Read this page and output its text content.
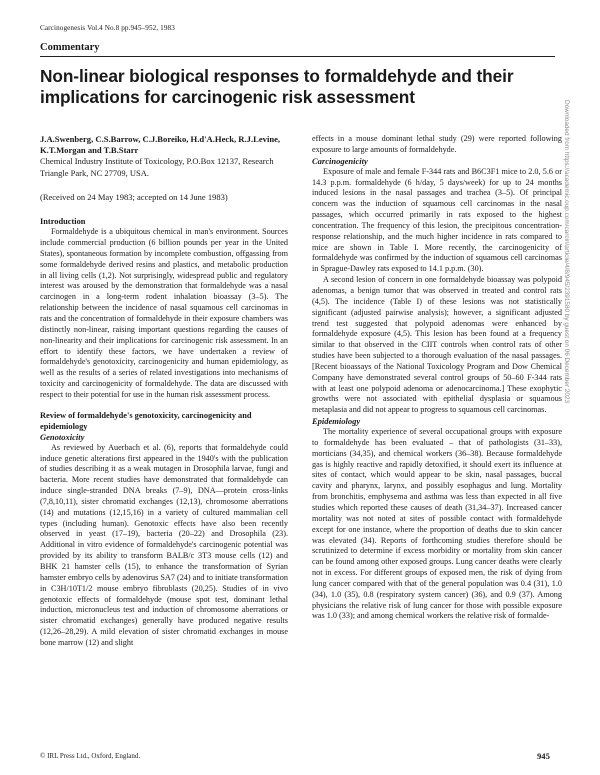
Carcinogenesis Vol.4 No.8 pp.945–952, 1983
Commentary
Non-linear biological responses to formaldehyde and their implications for carcinogenic risk assessment

J.A.Swenberg, C.S.Barrow, C.J.Boreiko, H.d'A.Heck, R.J.Levine, K.T.Morgan and T.B.Starr

Chemical Industry Institute of Toxicology, P.O.Box 12137, Research Triangle Park, NC 27709, USA.

(Received on 24 May 1983; accepted on 14 June 1983)

Introduction

Formaldehyde is a ubiquitous chemical in man's environment. Sources include commercial production (6 billion pounds per year in the United States), spontaneous formation by incomplete combustion, offgassing from some formaldehyde derived resins and plastics, and metabolic production in all living cells (1,2). Not surprisingly, widespread public and regulatory interest was aroused by the demonstration that formaldehyde was a nasal carcinogen in a long-term rodent inhalation bioassay (3–5). The relationship between the incidence of nasal squamous cell carcinomas in rats and the concentration of formaldehyde in their exposure chambers was distinctly non-linear, raising important questions regarding the causes of non-linearity and their implications for carcinogenic risk assessment. In an effort to identify these factors, we have undertaken a review of formaldehyde's genotoxicity, carcinogenicity and human epidemiology, as well as the results of a series of related investigations into mechanisms of toxicity and carcinogenicity of formaldehyde. The data are discussed with respect to their potential for use in the human risk assessment process.

Review of formaldehyde's genotoxicity, carcinogenicity and epidemiology
Genotoxicity

As reviewed by Auerbach et al. (6), reports that formaldehyde could induce genetic alterations first appeared in the 1940's with the publication of studies describing it as a weak mutagen in Drosophila larvae, fungi and bacteria. More recent studies have demonstrated that formaldehyde can induce single-stranded DNA breaks (7–9), DNA—protein cross-links (7,8,10,11), sister chromatid exchanges (12,13), chromosome aberrations (14) and mutations (12,15,16) in a variety of cultured mammalian cell types (including human). Genotoxic effects have also been recently observed in yeast (17–19), bacteria (20–22) and Drosophila (23). Additional in vitro evidence of formaldehyde's carcinogenic potential was provided by its ability to transform BALB/c 3T3 mouse cells (12) and BHK 21 hamster cells (15), to enhance the transformation of Syrian hamster embryo cells by adenovirus SA7 (24) and to initiate transformation in C3H/10T1/2 mouse embryo fibroblasts (20,25). Studies of in vivo genotoxic effects of formaldehyde (mouse spot test, dominant lethal induction, micronucleus test and induction of chromosome aberrations or sister chromatid exchanges) generally have produced negative results (12,26–28,29). A mild elevation of sister chromatid exchanges in mouse bone marrow (12) and slight

effects in a mouse dominant lethal study (29) were reported following exposure to large amounts of formaldehyde.

Carcinogenicity

Exposure of male and female F-344 rats and B6C3F1 mice to 2.0, 5.6 or 14.3 p.p.m. formaldehyde (6 h/day, 5 days/week) for up to 24 months induced lesions in the nasal passages and trachea (3–5). Of principal concern was the induction of squamous cell carcinomas in the nasal passages, which occurred primarily in rats exposed to the highest concentration. The frequency of this lesion, the precipitous concentration-response relationship, and the much higher incidence in rats compared to mice are shown in Table I. More recently, the carcinogenicity of formaldehyde was confirmed by the induction of squamous cell carcinomas in Sprague-Dawley rats exposed to 14.1 p.p.m. (30).

A second lesion of concern in one formaldehyde bioassay was polypoid adenomas, a benign tumor that was observed in treated and control rats (4,5). The incidence (Table I) of these lesions was not statistically significant (adjusted pairwise analysis); however, a significant adjusted trend test suggested that polypoid adenomas were enhanced by formaldehyde exposure (4,5). This lesion has been found at a frequency similar to that observed in the CIIT controls when control rats of other studies have been subjected to a thorough evaluation of the nasal passages. [Recent bioassays of the National Toxicology Program and Dow Chemical Company have demonstrated several control groups of 50–60 F-344 rats with at least one polypoid adenoma or adenocarcinoma.] These exophytic growths were not associated with epithelial dysplasia or squamous metaplasia and did not appear to progress to squamous cell carcinomas.

Epidemiology

The mortality experience of several occupational groups with exposure to formaldehyde has been evaluated – that of pathologists (31–33), morticians (34,35), and chemical workers (36–38). Because formaldehyde gas is highly reactive and rapidly detoxified, it should exert its influence at sites of contact, which would appear to be skin, nasal passages, buccal cavity and pharynx, larynx, and possibly esophagus and lung. Mortality from bronchitis, emphysema and asthma was less than expected in all five studies which reported these causes of death (31,34–37). Increased cancer mortality was not noted at sites of possible contact with formaldehyde except for one instance, where the proportion of deaths due to skin cancer was elevated (34). Reports of forthcoming studies therefore should be scrutinized to determine if excess morbidity or mortality from skin cancer can be found among other exposed groups. Lung cancer deaths were clearly not in excess. For different groups of exposed men, the risk of dying from lung cancer compared with that of the general population was 0.4 (31), 1.0 (34), 1.0 (35), 0.8 (respiratory system cancer) (36), and 0.9 (37). Among physicians the relative risk of lung cancer for those with possible exposure was 1.0 (33); and among chemical workers the relative risk of formalde-

© IRL Press Ltd., Oxford, England.	945
Downloaded from https://academic.oup.com/carcin/article/4/8/945/2391580 by guest on 06 December 2023
